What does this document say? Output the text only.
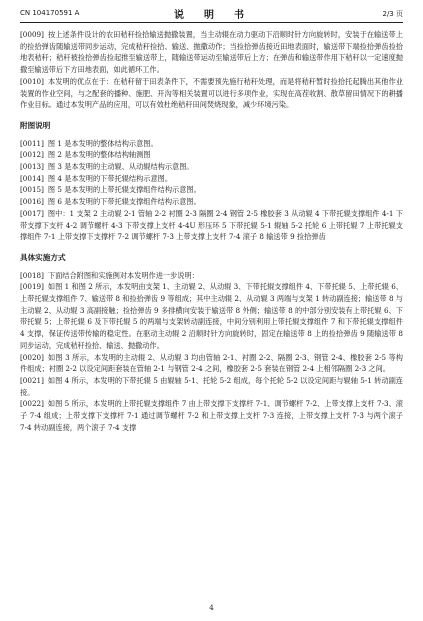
CN 104170591 A	说　明　书	2/3 页

[0009] 按上述条件设计的农田秸秆捡拾输送抛撒装置，当主动辊在动力驱动下沿顺时针方向旋转时，安装于在输送带上的捡拾弹齿随输送带同步运动，完成秸秆捡拾、输送、抛撒动作；当捡拾弹齿接近田地表面时，输送带下端捡拾弹齿捡拾地表秸秆；秸秆被捡拾弹齿捡起推至输送带上，随输送带运动至输送带后上方；在弹齿和输送带作用下秸秆以一定速度抛撒至输送带后下方田地表面，如此循环工作。

[0010] 本发明的优点在于：在秸秆留于田表条件下，不需要预先施行秸秆处理，而是将秸秆暂时捡拾托起腾出其他作业装置的作业空间，与之配套的播种、施肥、开沟等相关装置可以进行多项作业，实现在高茬收割、散草留田情况下的耕播作业目标。通过本发明产品的应用，可以有效杜绝秸秆田间焚烧现象，减少环境污染。

附图说明

[0011] 图 1 是本发明的整体结构示意图。

[0012] 图 2 是本发明的整体结构轴测图

[0013] 图 3 是本发明的主动辊、从动辊结构示意图。

[0014] 图 4 是本发明的下带托辊结构示意图。

[0015] 图 5 是本发明的上带托辊支撑组件结构示意图。

[0016] 图 6 是本发明的下带托辊支撑组件结构示意图。

[0017] 图中：1 支架 2 主动辊 2-1 管轴 2-2 衬圈 2-3 隔圈 2-4 钢管 2-5 橡胶套 3 从动辊 4 下带托辊支撑组件 4-1 下带支撑下支杆 4-2 调节螺杆 4-3 下带支撑上支杆 4-4U 形压环 5 下带托辊 5-1 辊轴 5-2 托轮 6 上带托辊 7 上带托辊支撑组件 7-1 上带支撑下支撑杆 7-2 调节螺杆 7-3 上带支撑上支杆 7-4 滚子 8 输送带 9 捡拾弹齿

具体实施方式

[0018] 下面结合附图和实施例对本发明作进一步说明：

[0019] 如图 1 和图 2 所示，本发明由支架 1、主动辊 2、从动辊 3、下带托辊支撑组件 4、下带托辊 5、上带托辊 6、上带托辊支撑组件 7、输送带 8 和捡拾弹齿 9 等组成；其中主动辊 2、从动辊 3 两端与支架 1 转动副连接；输送带 8 与主动辊 2、从动辊 3 高副接触；捡拾弹齿 9 多排横向安装于输送带 8 外侧；输送带 8 的中部分别安装有上带托辊 6、下带托辊 5；上带托辊 6 及下带托辊 5 的两端与支架转动副连接，中间分别利用上带托辊支撑组件 7 和下带托辊支撑组件 4 支撑，保证传送带传输的稳定性。在驱动主动辊 2 沿顺时针方向旋转时，固定在输送带 8 上的捡拾弹齿 9 随输送带 8 同步运动，完成秸秆捡拾、输送、抛撒动作。

[0020] 如图 3 所示，本发明的主动辊 2、从动辊 3 均由管轴 2-1、衬圈 2-2、隔圈 2-3、钢管 2-4、橡胶套 2-5 等构件组成；衬圈 2-2 以设定间距套装在管轴 2-1 与钢管 2-4 之间，橡胶套 2-5 套装在钢管 2-4 上相邻隔圈 2-3 之间。

[0021] 如图 4 所示，本发明的下带托辊 5 由辊轴 5-1、托轮 5-2 组成，每个托轮 5-2 以设定间距与辊轴 5-1 转动副连接。

[0022] 如图 5 所示，本发明的上带托辊支撑组件 7 由上带支撑下支撑杆 7-1、调节螺杆 7-2、上带支撑上支杆 7-3、滚子 7-4 组成；上带支撑下支撑杆 7-1 通过调节螺杆 7-2 和上带支撑上支杆 7-3 连接，上带支撑上支杆 7-3 与两个滚子 7-4 转动副连接，两个滚子 7-4 支撑

4
